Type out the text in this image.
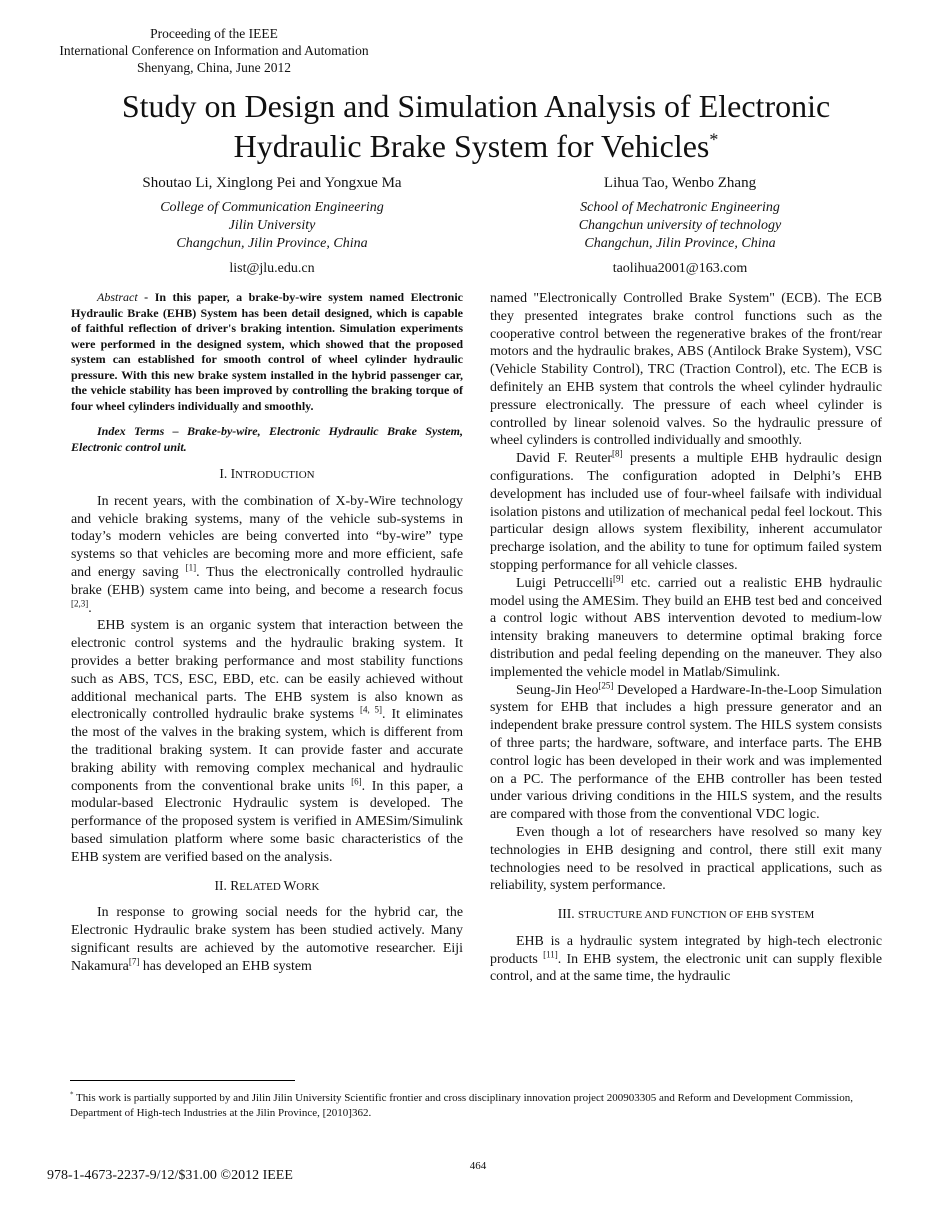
Proceeding of the IEEE
International Conference on Information and Automation
Shenyang, China, June 2012
Study on Design and Simulation Analysis of Electronic
Hydraulic Brake System for Vehicles*
Shoutao Li, Xinglong Pei and Yongxue Ma
College of Communication Engineering
Jilin University
Changchun, Jilin Province, China
list@jlu.edu.cn
Lihua Tao, Wenbo Zhang
School of Mechatronic Engineering
Changchun university of technology
Changchun, Jilin Province, China
taolihua2001@163.com

Abstract - In this paper, a brake-by-wire system named Electronic Hydraulic Brake (EHB) System has been detail designed, which is capable of faithful reflection of driver's braking intention. Simulation experiments were performed in the designed system, which showed that the proposed system can established for smooth control of wheel cylinder hydraulic pressure. With this new brake system installed in the hybrid passenger car, the vehicle stability has been improved by controlling the braking torque of four wheel cylinders individually and smoothly.

Index Terms – Brake-by-wire, Electronic Hydraulic Brake System, Electronic control unit.

I. INTRODUCTION

In recent years, with the combination of X-by-Wire technology and vehicle braking systems, many of the vehicle sub-systems in today’s modern vehicles are being converted into “by-wire” type systems so that vehicles are becoming more and more efficient, safe and energy saving [1]. Thus the electronically controlled hydraulic brake (EHB) system came into being, and become a research focus [2,3].

EHB system is an organic system that interaction between the electronic control systems and the hydraulic braking system. It provides a better braking performance and most stability functions such as ABS, TCS, ESC, EBD, etc. can be easily achieved without additional mechanical parts. The EHB system is also known as electronically controlled hydraulic brake systems [4, 5]. It eliminates the most of the valves in the braking system, which is different from the traditional braking system. It can provide faster and accurate braking ability with removing complex mechanical and hydraulic components from the conventional brake units [6]. In this paper, a modular-based Electronic Hydraulic system is developed. The performance of the proposed system is verified in AMESim/Simulink based simulation platform where some basic characteristics of the EHB system are verified based on the analysis.

II. RELATED WORK

In response to growing social needs for the hybrid car, the Electronic Hydraulic brake system has been studied actively. Many significant results are achieved by the automotive researcher. Eiji Nakamura[7] has developed an EHB system

named "Electronically Controlled Brake System" (ECB). The ECB they presented integrates brake control functions such as the cooperative control between the regenerative brakes of the front/rear motors and the hydraulic brakes, ABS (Antilock Brake System), VSC (Vehicle Stability Control), TRC (Traction Control), etc. The ECB is definitely an EHB system that controls the wheel cylinder hydraulic pressure electronically. The pressure of each wheel cylinder is controlled by linear solenoid valves. So the hydraulic pressure of wheel cylinders is controlled individually and smoothly.

David F. Reuter[8] presents a multiple EHB hydraulic design configurations. The configuration adopted in Delphi’s EHB development has included use of four-wheel failsafe with individual isolation pistons and utilization of mechanical pedal feel lockout. This particular design allows system flexibility, inherent accumulator precharge isolation, and the ability to tune for optimum failed system stopping performance for all vehicle classes.

Luigi Petruccelli[9] etc. carried out a realistic EHB hydraulic model using the AMESim. They build an EHB test bed and conceived a control logic without ABS intervention devoted to medium-low intensity braking maneuvers to determine optimal braking force distribution and pedal feeling depending on the maneuver. They also implemented the vehicle model in Matlab/Simulink.

Seung-Jin Heo[25] Developed a Hardware-In-the-Loop Simulation system for EHB that includes a high pressure generator and an independent brake pressure control system. The HILS system consists of three parts; the hardware, software, and interface parts. The EHB control logic has been developed in their work and was implemented on a PC. The performance of the EHB controller has been tested under various driving conditions in the HILS system, and the results are compared with those from the conventional VDC logic.

Even though a lot of researchers have resolved so many key technologies in EHB designing and control, there still exit many technologies need to be resolved in practical applications, such as reliability, system performance.

III. STRUCTURE AND FUNCTION OF EHB SYSTEM

EHB is a hydraulic system integrated by high-tech electronic products [11]. In EHB system, the electronic unit can supply flexible control, and at the same time, the hydraulic

* This work is partially supported by and Jilin Jilin University Scientific frontier and cross disciplinary innovation project 200903305 and Reform and Development Commission, Department of High-tech Industries at the Jilin Province, [2010]362.
464
978-1-4673-2237-9/12/$31.00 ©2012 IEEE
